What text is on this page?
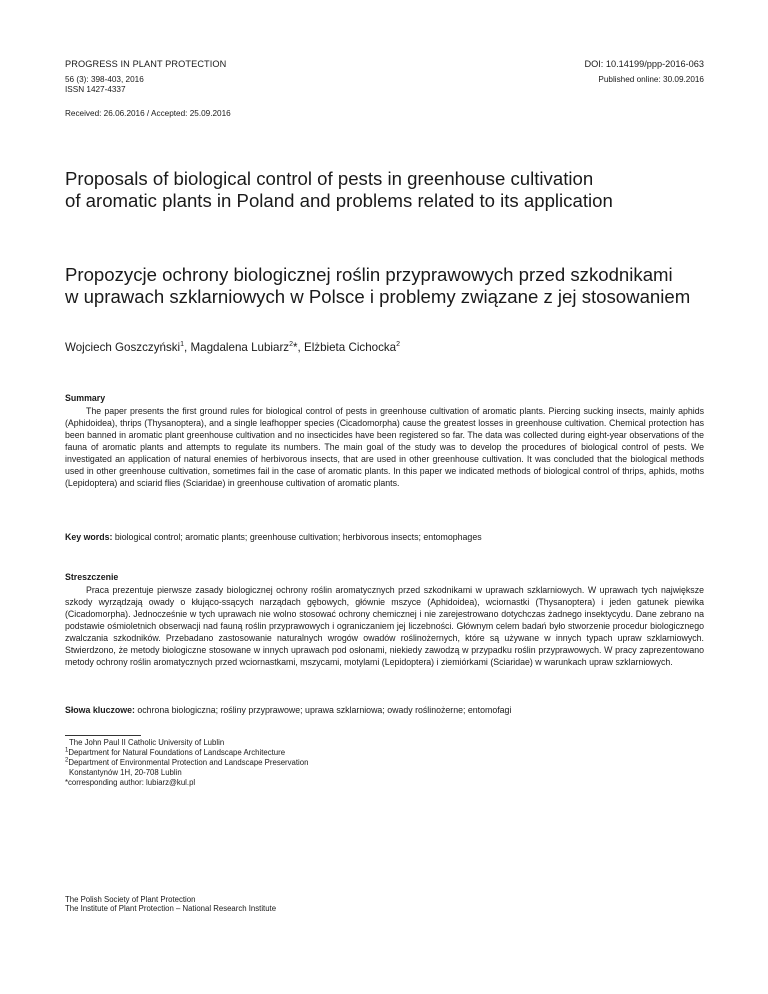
PROGRESS IN PLANT PROTECTION
56 (3): 398-403, 2016
ISSN 1427-4337
DOI: 10.14199/ppp-2016-063
Published online: 30.09.2016
Received: 26.06.2016 / Accepted: 25.09.2016
Proposals of biological control of pests in greenhouse cultivation
of aromatic plants in Poland and problems related to its application
Propozycje ochrony biologicznej roślin przyprawowych przed szkodnikami
w uprawach szklarniowych w Polsce i problemy związane z jej stosowaniem
Wojciech Goszczyński$^1$, Magdalena Lubiarz$^2$*, Elżbieta Cichocka$^2$
Summary

The paper presents the first ground rules for biological control of pests in greenhouse cultivation of aromatic plants. Piercing sucking insects, mainly aphids (Aphidoidea), thrips (Thysanoptera), and a single leafhopper species (Cicadomorpha) cause the greatest losses in greenhouse cultivation. Chemical protection has been banned in aromatic plant greenhouse cultivation and no insecticides have been registered so far. The data was collected during eight-year observations of the fauna of aromatic plants and attempts to regulate its numbers. The main goal of the study was to develop the procedures of biological control of pests. We investigated an application of natural enemies of herbivorous insects, that are used in other greenhouse cultivation. It was concluded that the biological methods used in other greenhouse cultivation, sometimes fail in the case of aromatic plants. In this paper we indicated methods of biological control of thrips, aphids, moths (Lepidoptera) and sciarid flies (Sciaridae) in greenhouse cultivation of aromatic plants.

Key words: biological control; aromatic plants; greenhouse cultivation; herbivorous insects; entomophages
Streszczenie

Praca prezentuje pierwsze zasady biologicznej ochrony roślin aromatycznych przed szkodnikami w uprawach szklarniowych. W uprawach tych największe szkody wyrządzają owady o kłująco-ssących narządach gębowych, głównie mszyce (Aphidoidea), wciornastki (Thysanoptera) i jeden gatunek piewika (Cicadomorpha). Jednocześnie w tych uprawach nie wolno stosować ochrony chemicznej i nie zarejestrowano dotychczas żadnego insektycydu. Dane zebrano na podstawie ośmioletnich obserwacji nad fauną roślin przyprawowych i ograniczaniem jej liczebności. Głównym celem badań było stworzenie procedur biologicznego zwalczania szkodników. Przebadano zastosowanie naturalnych wrogów owadów roślinożernych, które są używane w innych typach upraw szklarniowych. Stwierdzono, że metody biologiczne stosowane w innych uprawach pod osłonami, niekiedy zawodzą w przypadku roślin przyprawowych. W pracy zaprezentowano metody ochrony roślin aromatycznych przed wciornastkami, mszycami, motylami (Lepidoptera) i ziemiórkami (Sciaridae) w warunkach upraw szklarniowych.

Słowa kluczowe: ochrona biologiczna; rośliny przyprawowe; uprawa szklarniowa; owady roślinożerne; entomofagi
The John Paul II Catholic University of Lublin
$^1$Department for Natural Foundations of Landscape Architecture
$^2$Department of Environmental Protection and Landscape Preservation
Konstantynów 1H, 20-708 Lublin
*corresponding author: lubiarz@kul.pl
The Polish Society of Plant Protection
The Institute of Plant Protection – National Research Institute
